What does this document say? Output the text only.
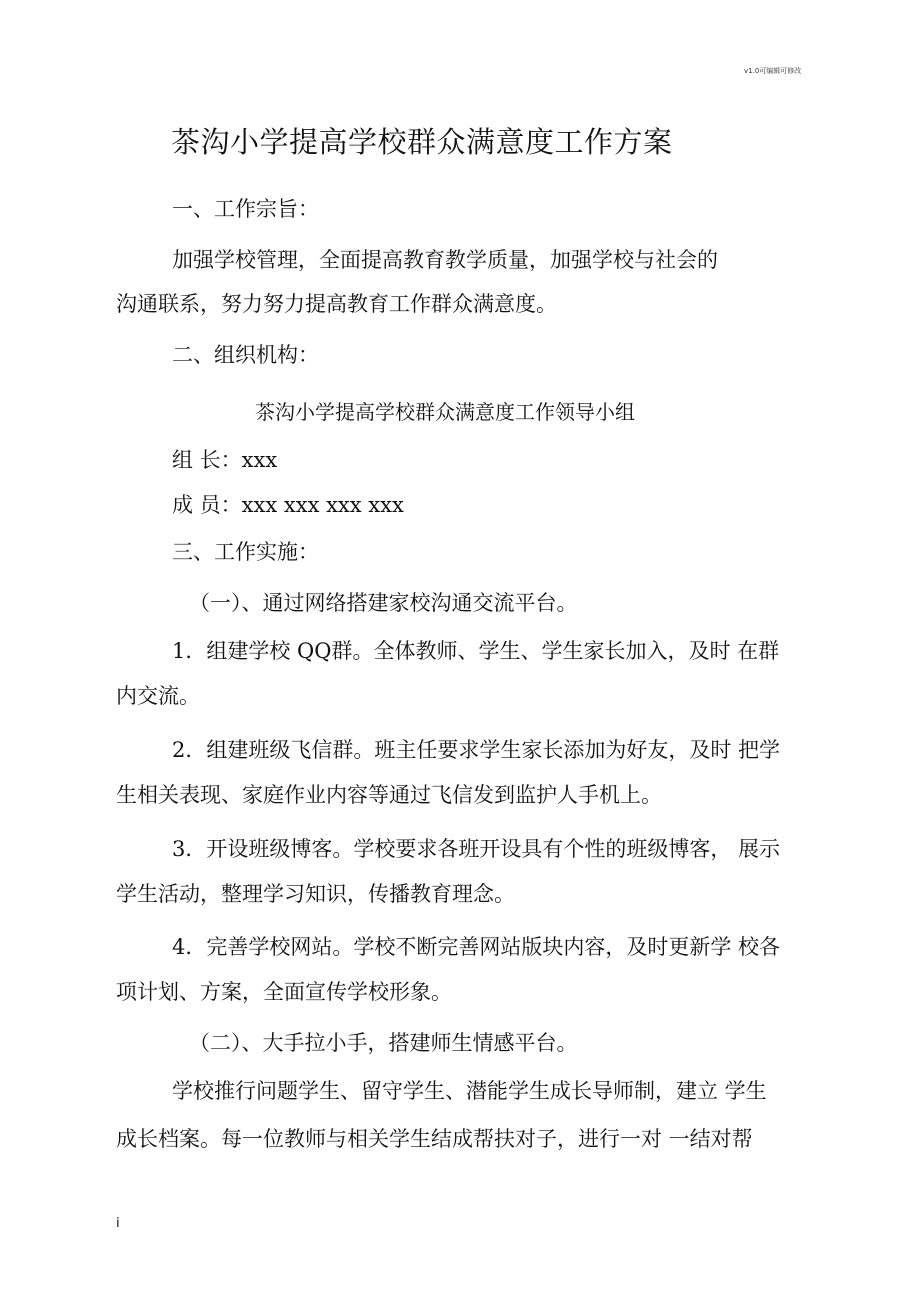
v1.0可编辑可修改
茶沟小学提高学校群众满意度工作方案
一、工作宗旨：
加强学校管理，全面提高教育教学质量，加强学校与社会的
沟通联系，努力努力提高教育工作群众满意度。
二、组织机构：
茶沟小学提高学校群众满意度工作领导小组
组 长：xxx
成 员：xxx xxx xxx xxx
三、工作实施：
（一）、通过网络搭建家校沟通交流平台。
1．组建学校 QQ群。全体教师、学生、学生家长加入，及时 在群
内交流。
2．组建班级飞信群。班主任要求学生家长添加为好友，及时 把学
生相关表现、家庭作业内容等通过飞信发到监护人手机上。
3．开设班级博客。学校要求各班开设具有个性的班级博客， 展示
学生活动，整理学习知识，传播教育理念。
4．完善学校网站。学校不断完善网站版块内容，及时更新学 校各
项计划、方案，全面宣传学校形象。
（二）、大手拉小手，搭建师生情感平台。
学校推行问题学生、留守学生、潜能学生成长导师制，建立 学生
成长档案。每一位教师与相关学生结成帮扶对子，进行一对 一结对帮
i
